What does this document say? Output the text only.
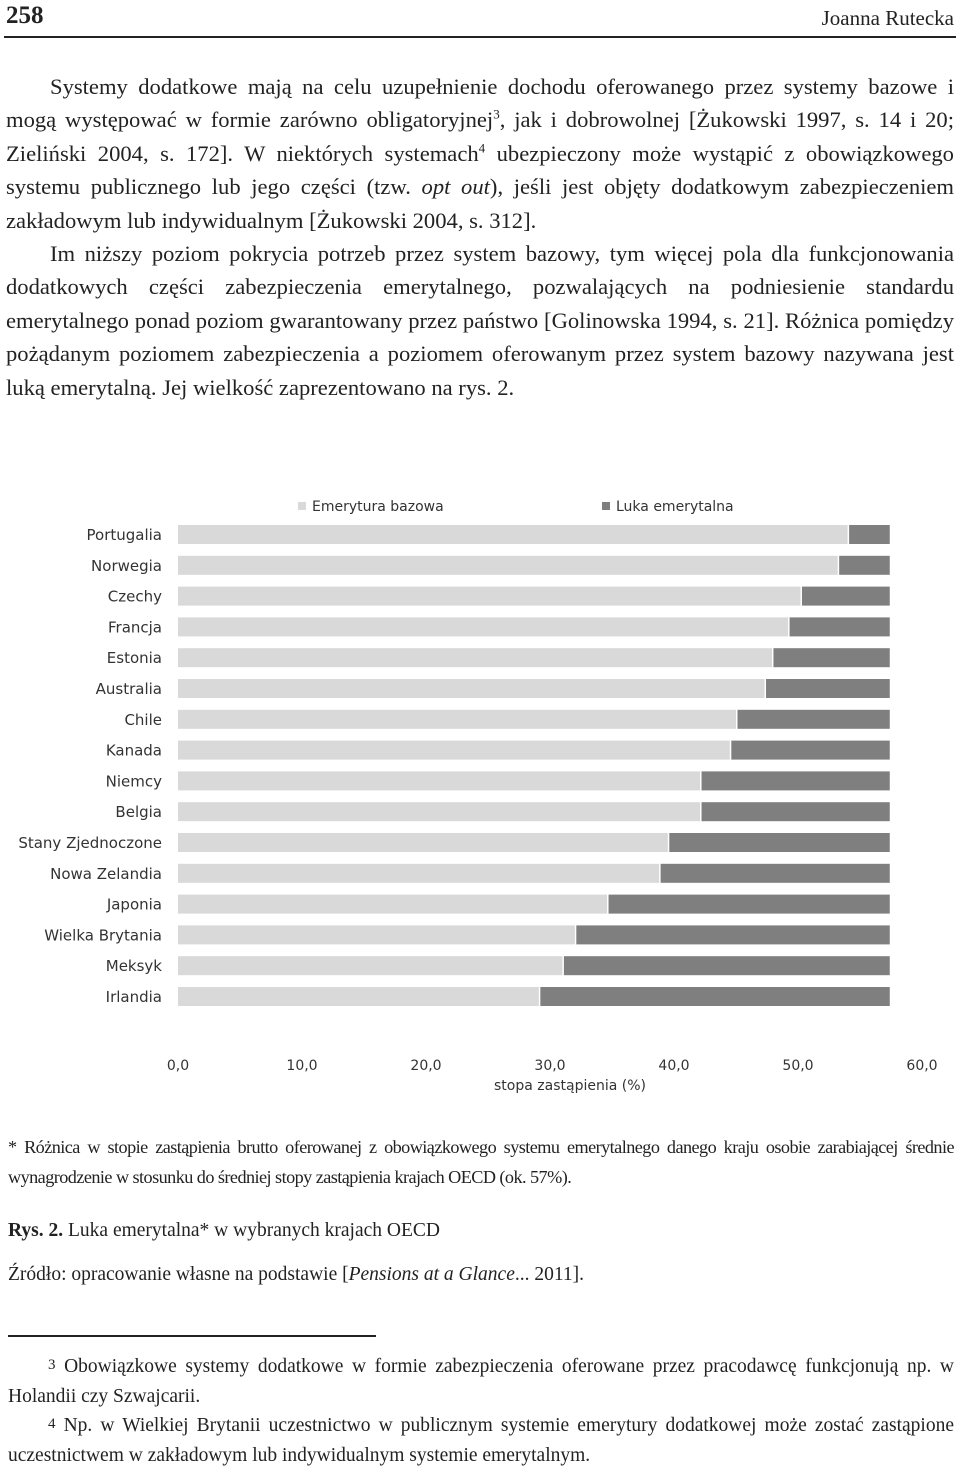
258	Joanna Rutecka

Systemy dodatkowe mają na celu uzupełnienie dochodu oferowanego przez systemy bazowe i mogą występować w formie zarówno obligatoryjnej$^3$, jak i dobrowolnej [Żukowski 1997, s. 14 i 20; Zieliński 2004, s. 172]. W niektórych systemach$^4$ ubezpieczony może wystąpić z obowiązkowego systemu publicznego lub jego części (tzw. opt out), jeśli jest objęty dodatkowym zabezpieczeniem zakładowym lub indywidualnym [Żukowski 2004, s. 312].

Im niższy poziom pokrycia potrzeb przez system bazowy, tym więcej pola dla funkcjonowania dodatkowych części zabezpieczenia emerytalnego, pozwalających na podniesienie standardu emerytalnego ponad poziom gwarantowany przez państwo [Golinowska 1994, s. 21]. Różnica pomiędzy pożądanym poziomem zabezpieczenia a poziomem oferowanym przez system bazowy nazywana jest luką emerytalną. Jej wielkość zaprezentowano na rys. 2.

Emerytura bazowa	Luka emerytalna
Portugalia
Norwegia
Czechy
Francja
Estonia
Australia
Chile
Kanada
Niemcy
Belgia
Stany Zjednoczone
Nowa Zelandia
Japonia
Wielka Brytania
Meksyk
Irlandia
0,0	10,0	20,0	30,0	40,0	50,0	60,0
stopa zastąpienia (%)

* Różnica w stopie zastąpienia brutto oferowanej z obowiązkowego systemu emerytalnego danego kraju osobie zarabiającej średnie wynagrodzenie w stosunku do średniej stopy zastąpienia krajach OECD (ok. 57%).

Rys. 2. Luka emerytalna* w wybranych krajach OECD

Źródło: opracowanie własne na podstawie [Pensions at a Glance... 2011].

$^3$ Obowiązkowe systemy dodatkowe w formie zabezpieczenia oferowane przez pracodawcę funkcjonują np. w Holandii czy Szwajcarii.

$^4$ Np. w Wielkiej Brytanii uczestnictwo w publicznym systemie emerytury dodatkowej może zostać zastąpione uczestnictwem w zakładowym lub indywidualnym systemie emerytalnym.
